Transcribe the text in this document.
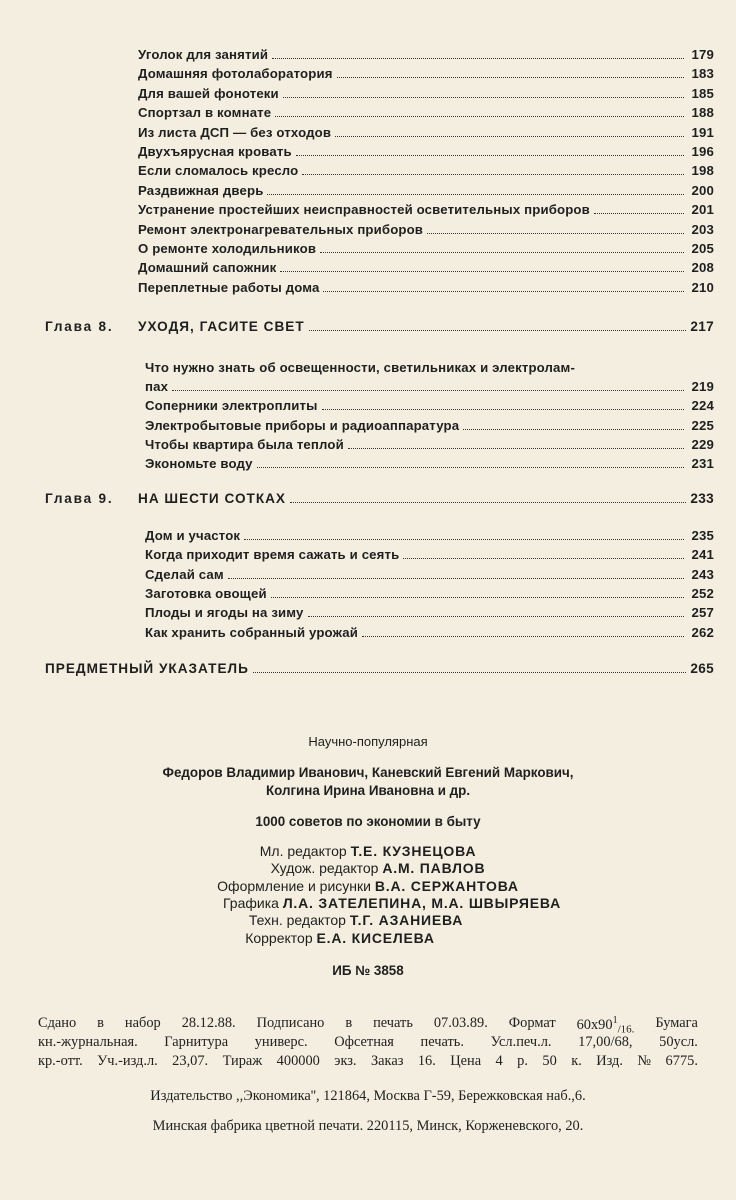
Уголок для занятий	179
Домашняя фотолаборатория	183
Для вашей фонотеки	185
Спортзал в комнате	188
Из листа ДСП — без отходов	191
Двухъярусная кровать	196
Если сломалось кресло	198
Раздвижная дверь	200
Устранение простейших неисправностей осветительных приборов	201
Ремонт электронагревательных приборов	203
О ремонте холодильников	205
Домашний сапожник	208
Переплетные работы дома	210
Глава 8.	УХОДЯ, ГАСИТЕ СВЕТ	217
Что нужно знать об освещенности, светильниках и электролам-
пах	219
Соперники электроплиты	224
Электробытовые приборы и радиоаппаратура	225
Чтобы квартира была теплой	229
Экономьте воду	231
Глава 9.	НА ШЕСТИ СОТКАХ	233
Дом и участок	235
Когда приходит время сажать и сеять	241
Сделай сам	243
Заготовка овощей	252
Плоды и ягоды на зиму	257
Как хранить собранный урожай	262
ПРЕДМЕТНЫЙ УКАЗАТЕЛЬ	265
Научно-популярная
Федоров Владимир Иванович, Каневский Евгений Маркович,
Колгина Ирина Ивановна и др.
1000 советов по экономии в быту
Мл. редактор Т.Е. КУЗНЕЦОВА
Худож. редактор А.М. ПАВЛОВ
Оформление и рисунки В.А. СЕРЖАНТОВА
Графика Л.А. ЗАТЕЛЕПИНА, М.А. ШВЫРЯЕВА
Техн. редактор Т.Г. АЗАНИЕВА
Корректор Е.А. КИСЕЛЕВА
ИБ № 3858
Сдано в набор 28.12.88. Подписано в печать 07.03.89. Формат $60х90^1_{/16.}$ Бумага
кн.-журнальная. Гарнитура универс. Офсетная печать. Усл.печ.л. 17,00/68, 50усл.
кр.-отт. Уч.-изд.л. 23,07. Тираж 400000 экз. Заказ 16. Цена 4 р. 50 к. Изд. № 6775.
Издательство ,,Экономика'', 121864, Москва Г-59, Бережковская наб.,6.
Минская фабрика цветной печати. 220115, Минск, Корженевского, 20.
